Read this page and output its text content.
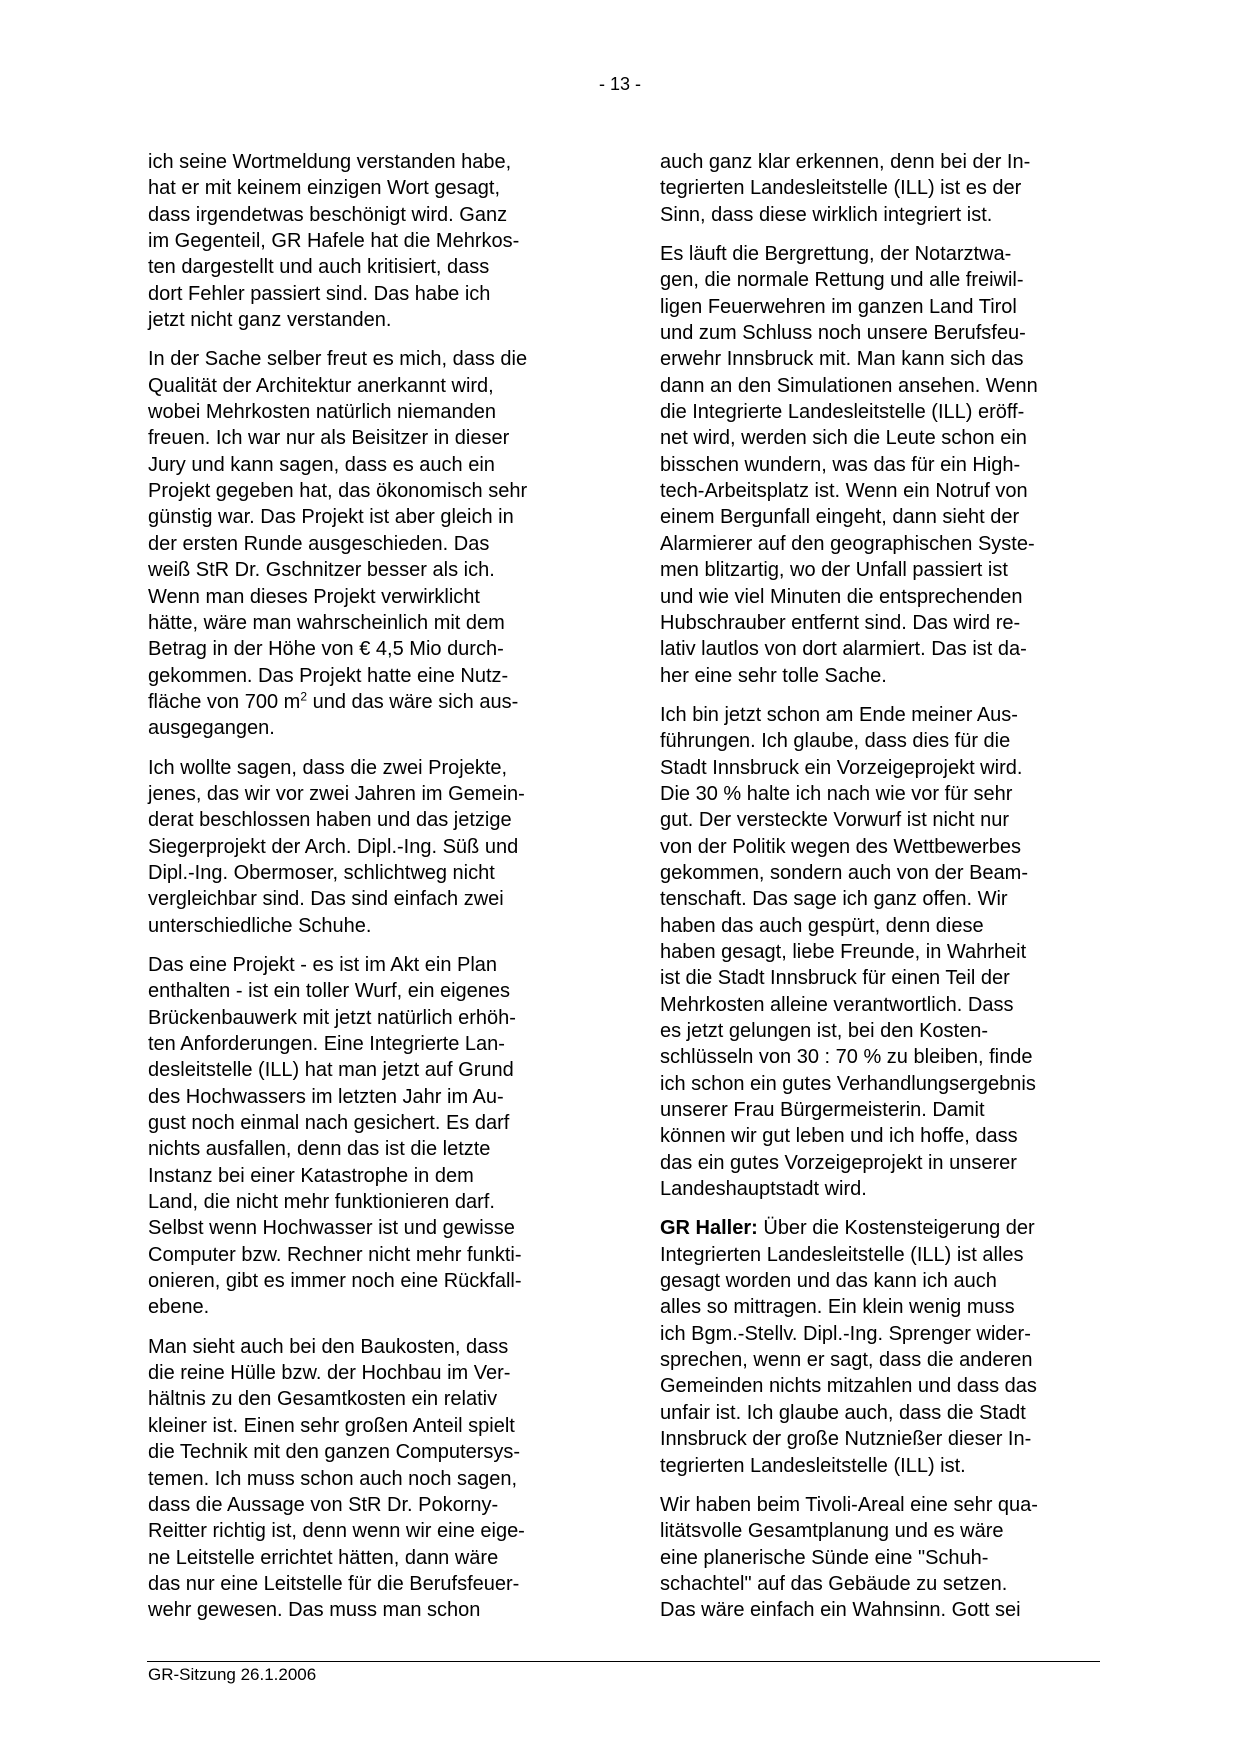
- 13 -

ich seine Wortmeldung verstanden habe,
hat er mit keinem einzigen Wort gesagt,
dass irgendetwas beschönigt wird. Ganz
im Gegenteil, GR Hafele hat die Mehrkos-
ten dargestellt und auch kritisiert, dass
dort Fehler passiert sind. Das habe ich
jetzt nicht ganz verstanden.

In der Sache selber freut es mich, dass die
Qualität der Architektur anerkannt wird,
wobei Mehrkosten natürlich niemanden
freuen. Ich war nur als Beisitzer in dieser
Jury und kann sagen, dass es auch ein
Projekt gegeben hat, das ökonomisch sehr
günstig war. Das Projekt ist aber gleich in
der ersten Runde ausgeschieden. Das
weiß StR Dr. Gschnitzer besser als ich.
Wenn man dieses Projekt verwirklicht
hätte, wäre man wahrscheinlich mit dem
Betrag in der Höhe von € 4,5 Mio durch-
gekommen. Das Projekt hatte eine Nutz-
fläche von 700 $m^2$ und das wäre sich aus-
ausgegangen.

Ich wollte sagen, dass die zwei Projekte,
jenes, das wir vor zwei Jahren im Gemein-
derat beschlossen haben und das jetzige
Siegerprojekt der Arch. Dipl.-Ing. Süß und
Dipl.-Ing. Obermoser, schlichtweg nicht
vergleichbar sind. Das sind einfach zwei
unterschiedliche Schuhe.

Das eine Projekt - es ist im Akt ein Plan
enthalten - ist ein toller Wurf, ein eigenes
Brückenbauwerk mit jetzt natürlich erhöh-
ten Anforderungen. Eine Integrierte Lan-
desleitstelle (ILL) hat man jetzt auf Grund
des Hochwassers im letzten Jahr im Au-
gust noch einmal nach gesichert. Es darf
nichts ausfallen, denn das ist die letzte
Instanz bei einer Katastrophe in dem
Land, die nicht mehr funktionieren darf.
Selbst wenn Hochwasser ist und gewisse
Computer bzw. Rechner nicht mehr funkti-
onieren, gibt es immer noch eine Rückfall-
ebene.

Man sieht auch bei den Baukosten, dass
die reine Hülle bzw. der Hochbau im Ver-
hältnis zu den Gesamtkosten ein relativ
kleiner ist. Einen sehr großen Anteil spielt
die Technik mit den ganzen Computersys-
temen. Ich muss schon auch noch sagen,
dass die Aussage von StR Dr. Pokorny-
Reitter richtig ist, denn wenn wir eine eige-
ne Leitstelle errichtet hätten, dann wäre
das nur eine Leitstelle für die Berufsfeuer-
wehr gewesen. Das muss man schon

auch ganz klar erkennen, denn bei der In-
tegrierten Landesleitstelle (ILL) ist es der
Sinn, dass diese wirklich integriert ist.

Es läuft die Bergrettung, der Notarztwa-
gen, die normale Rettung und alle freiwil-
ligen Feuerwehren im ganzen Land Tirol
und zum Schluss noch unsere Berufsfeu-
erwehr Innsbruck mit. Man kann sich das
dann an den Simulationen ansehen. Wenn
die Integrierte Landesleitstelle (ILL) eröff-
net wird, werden sich die Leute schon ein
bisschen wundern, was das für ein High-
tech-Arbeitsplatz ist. Wenn ein Notruf von
einem Bergunfall eingeht, dann sieht der
Alarmierer auf den geographischen Syste-
men blitzartig, wo der Unfall passiert ist
und wie viel Minuten die entsprechenden
Hubschrauber entfernt sind. Das wird re-
lativ lautlos von dort alarmiert. Das ist da-
her eine sehr tolle Sache.

Ich bin jetzt schon am Ende meiner Aus-
führungen. Ich glaube, dass dies für die
Stadt Innsbruck ein Vorzeigeprojekt wird.
Die 30 % halte ich nach wie vor für sehr
gut. Der versteckte Vorwurf ist nicht nur
von der Politik wegen des Wettbewerbes
gekommen, sondern auch von der Beam-
tenschaft. Das sage ich ganz offen. Wir
haben das auch gespürt, denn diese
haben gesagt, liebe Freunde, in Wahrheit
ist die Stadt Innsbruck für einen Teil der
Mehrkosten alleine verantwortlich. Dass
es jetzt gelungen ist, bei den Kosten-
schlüsseln von 30 : 70 % zu bleiben, finde
ich schon ein gutes Verhandlungsergebnis
unserer Frau Bürgermeisterin. Damit
können wir gut leben und ich hoffe, dass
das ein gutes Vorzeigeprojekt in unserer
Landeshauptstadt wird.

GR Haller: Über die Kostensteigerung der
Integrierten Landesleitstelle (ILL) ist alles
gesagt worden und das kann ich auch
alles so mittragen. Ein klein wenig muss
ich Bgm.-Stellv. Dipl.-Ing. Sprenger wider-
sprechen, wenn er sagt, dass die anderen
Gemeinden nichts mitzahlen und dass das
unfair ist. Ich glaube auch, dass die Stadt
Innsbruck der große Nutznießer dieser In-
tegrierten Landesleitstelle (ILL) ist.

Wir haben beim Tivoli-Areal eine sehr qua-
litätsvolle Gesamtplanung und es wäre
eine planerische Sünde eine "Schuh-
schachtel" auf das Gebäude zu setzen.
Das wäre einfach ein Wahnsinn. Gott sei

GR-Sitzung 26.1.2006
